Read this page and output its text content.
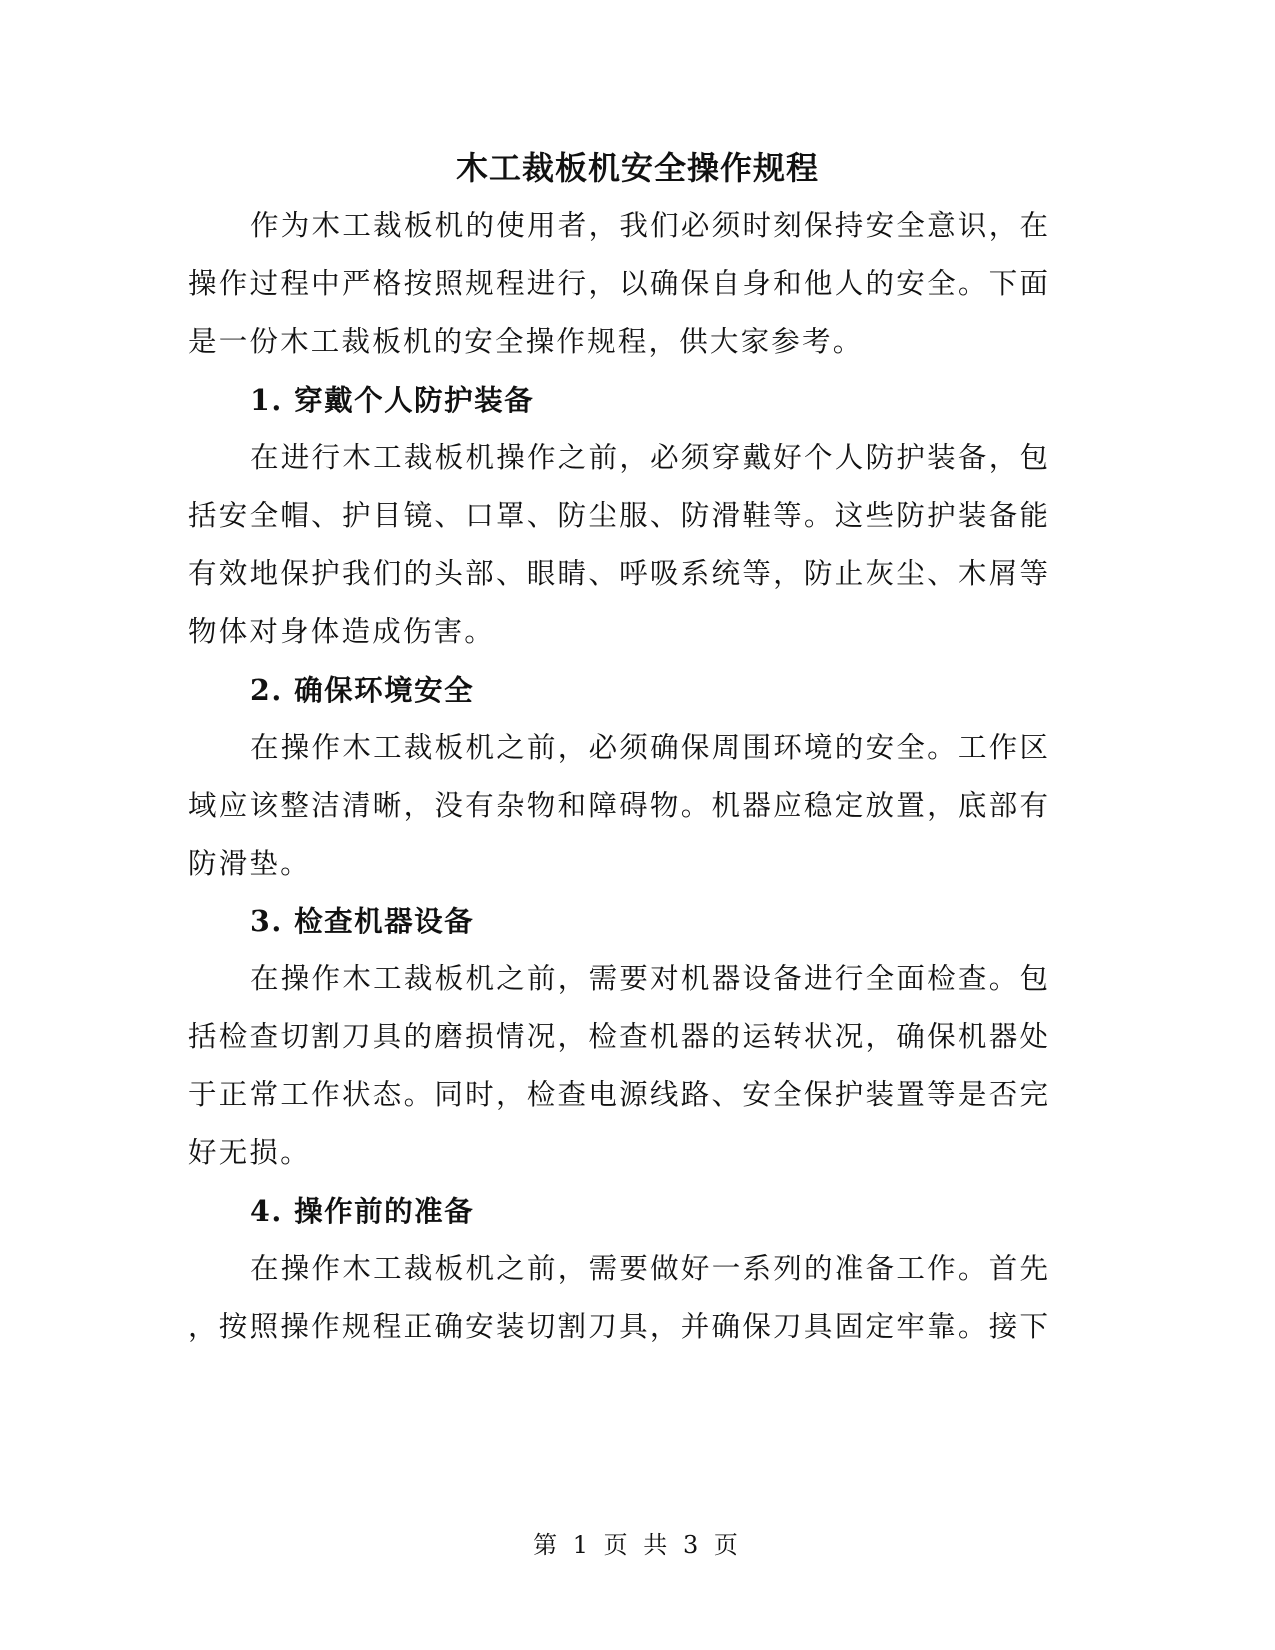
木工裁板机安全操作规程
作为木工裁板机的使用者，我们必须时刻保持安全意识，在
操作过程中严格按照规程进行，以确保自身和他人的安全。下面
是一份木工裁板机的安全操作规程，供大家参考。
1. 穿戴个人防护装备
在进行木工裁板机操作之前，必须穿戴好个人防护装备，包
括安全帽、护目镜、口罩、防尘服、防滑鞋等。这些防护装备能
有效地保护我们的头部、眼睛、呼吸系统等，防止灰尘、木屑等
物体对身体造成伤害。
2. 确保环境安全
在操作木工裁板机之前，必须确保周围环境的安全。工作区
域应该整洁清晰，没有杂物和障碍物。机器应稳定放置，底部有
防滑垫。
3. 检查机器设备
在操作木工裁板机之前，需要对机器设备进行全面检查。包
括检查切割刀具的磨损情况，检查机器的运转状况，确保机器处
于正常工作状态。同时，检查电源线路、安全保护装置等是否完
好无损。
4. 操作前的准备
在操作木工裁板机之前，需要做好一系列的准备工作。首先
，按照操作规程正确安装切割刀具，并确保刀具固定牢靠。接下
第 1 页 共 3 页
